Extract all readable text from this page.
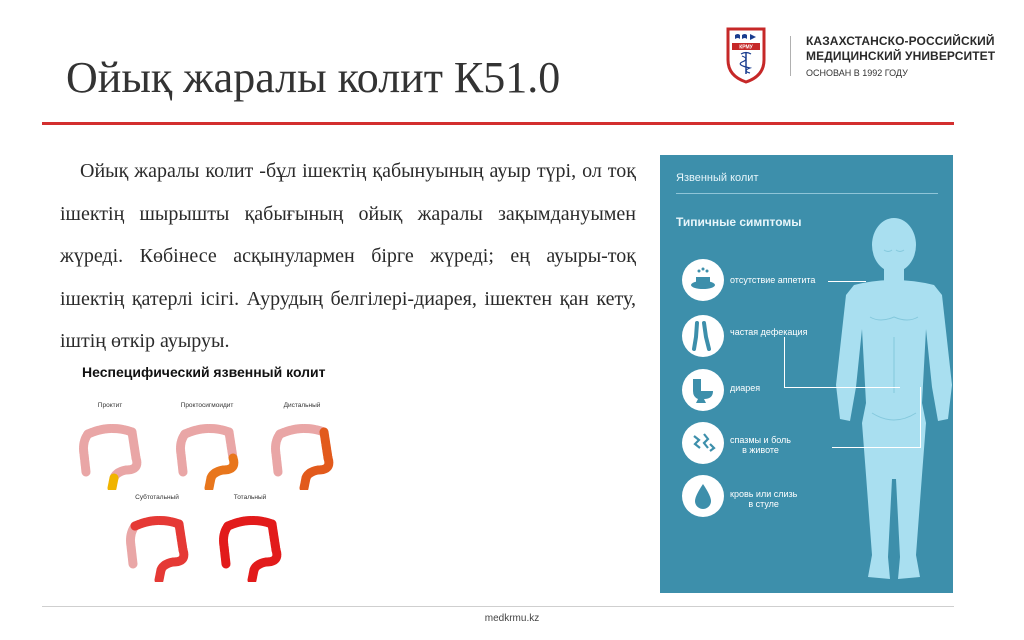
Ойық жаралы колит К51.0
КРМУ	КАЗАХСТАНСКО-РОССИЙСКИЙ
МЕДИЦИНСКИЙ УНИВЕРСИТЕТ
ОСНОВАН В 1992 ГОДУ

Ойық жаралы колит -бұл ішектің қабынуының ауыр түрі, ол тоқ ішектің шырышты қабығының ойық жаралы зақымдануымен жүреді. Көбінесе асқынулармен бірге жүреді; ең ауыры-тоқ ішектің қатерлі ісігі. Аурудың белгілері-диарея, ішектен қан кету, іштің өткір ауыруы.

Неспецифический язвенный колит
Проктит	Проктосигмоидит	Дистальный
Субтотальный	Тотальный
Язвенный колит
Типичные симптомы
отсутствие аппетита
частая дефекация
диарея
спазмы и боль
в животе
кровь или слизь
в стуле
medkrmu.kz
